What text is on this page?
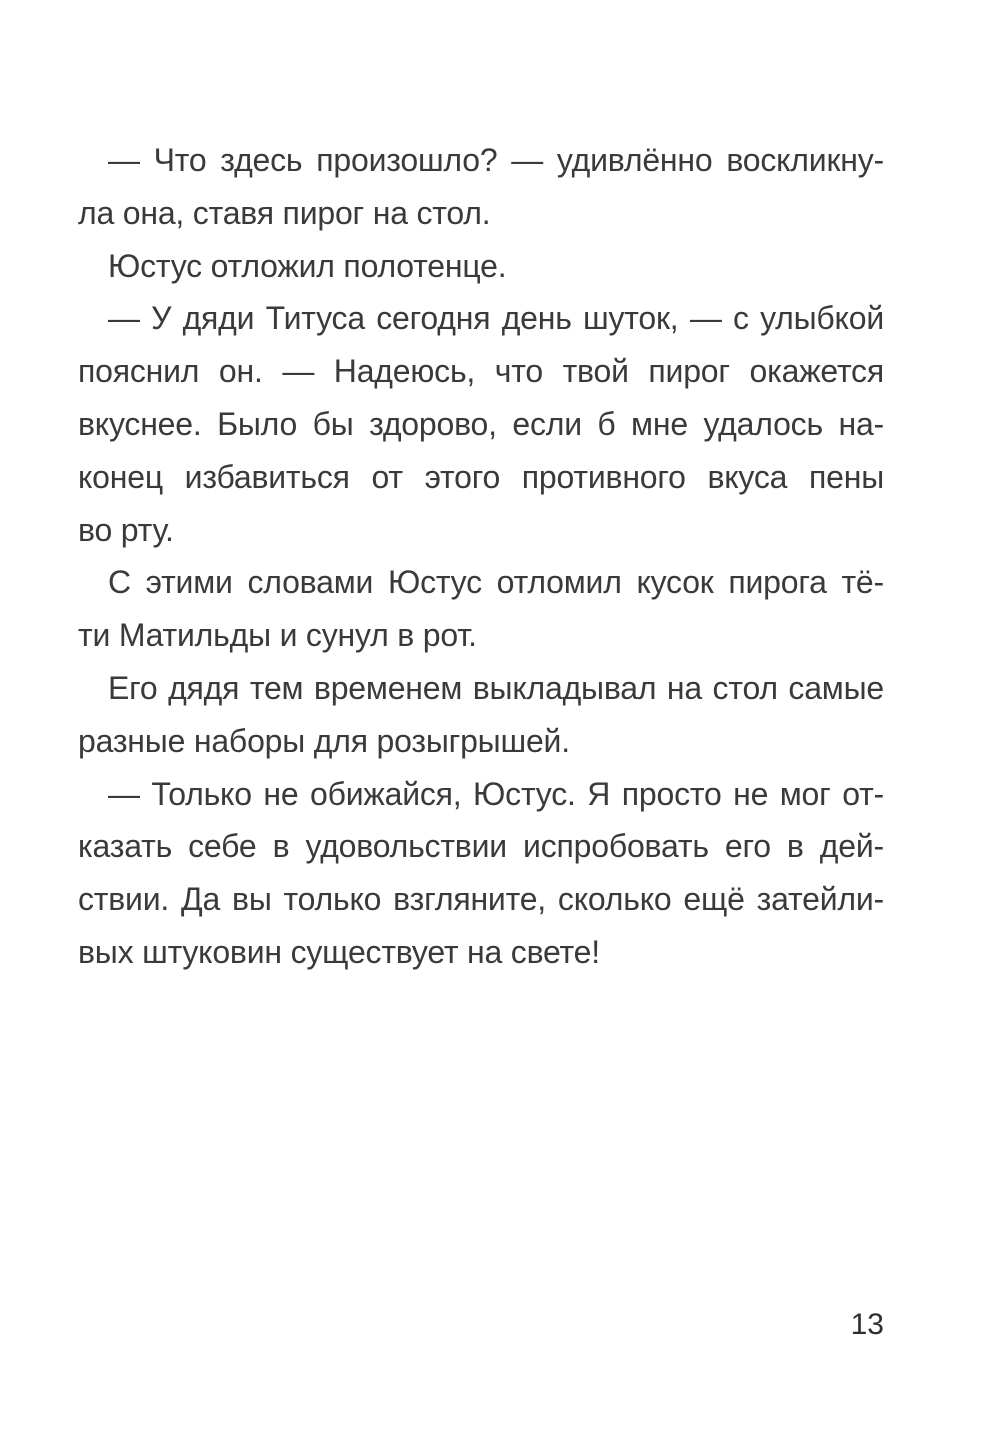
— Что здесь произошло? — удивлённо воскликну-
ла она, ставя пирог на стол.
Юстус отложил полотенце.
— У дяди Титуса сегодня день шуток, — с улыбкой
пояснил он. — Надеюсь, что твой пирог окажется
вкуснее. Было бы здорово, если б мне удалось на-
конец избавиться от этого противного вкуса пены
во рту.
С этими словами Юстус отломил кусок пирога тё-
ти Матильды и сунул в рот.
Его дядя тем временем выкладывал на стол самые
разные наборы для розыгрышей.
— Только не обижайся, Юстус. Я просто не мог от-
казать себе в удовольствии испробовать его в дей-
ствии. Да вы только взгляните, сколько ещё затейли-
вых штуковин существует на свете!
13
